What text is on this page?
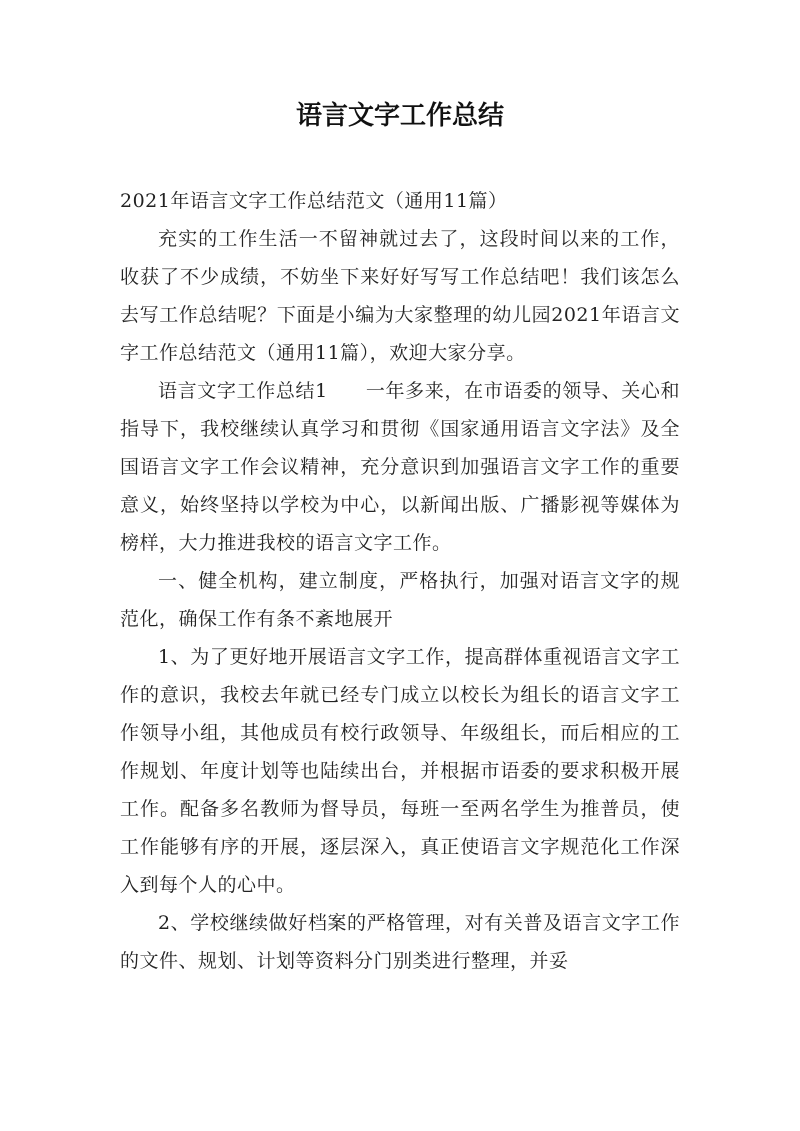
语言文字工作总结

2021年语言文字工作总结范文（通用11篇）

充实的工作生活一不留神就过去了，这段时间以来的工作，收获了不少成绩，不妨坐下来好好写写工作总结吧！我们该怎么去写工作总结呢？下面是小编为大家整理的幼儿园2021年语言文字工作总结范文（通用11篇），欢迎大家分享。

语言文字工作总结1 一年多来，在市语委的领导、关心和指导下，我校继续认真学习和贯彻《国家通用语言文字法》及全国语言文字工作会议精神，充分意识到加强语言文字工作的重要意义，始终坚持以学校为中心，以新闻出版、广播影视等媒体为榜样，大力推进我校的语言文字工作。

一、健全机构，建立制度，严格执行，加强对语言文字的规范化，确保工作有条不紊地展开

1、为了更好地开展语言文字工作，提高群体重视语言文字工作的意识，我校去年就已经专门成立以校长为组长的语言文字工作领导小组，其他成员有校行政领导、年级组长，而后相应的工作规划、年度计划等也陆续出台，并根据市语委的要求积极开展工作。配备多名教师为督导员，每班一至两名学生为推普员，使工作能够有序的开展，逐层深入，真正使语言文字规范化工作深入到每个人的心中。

2、学校继续做好档案的严格管理，对有关普及语言文字工作的文件、规划、计划等资料分门别类进行整理，并妥
